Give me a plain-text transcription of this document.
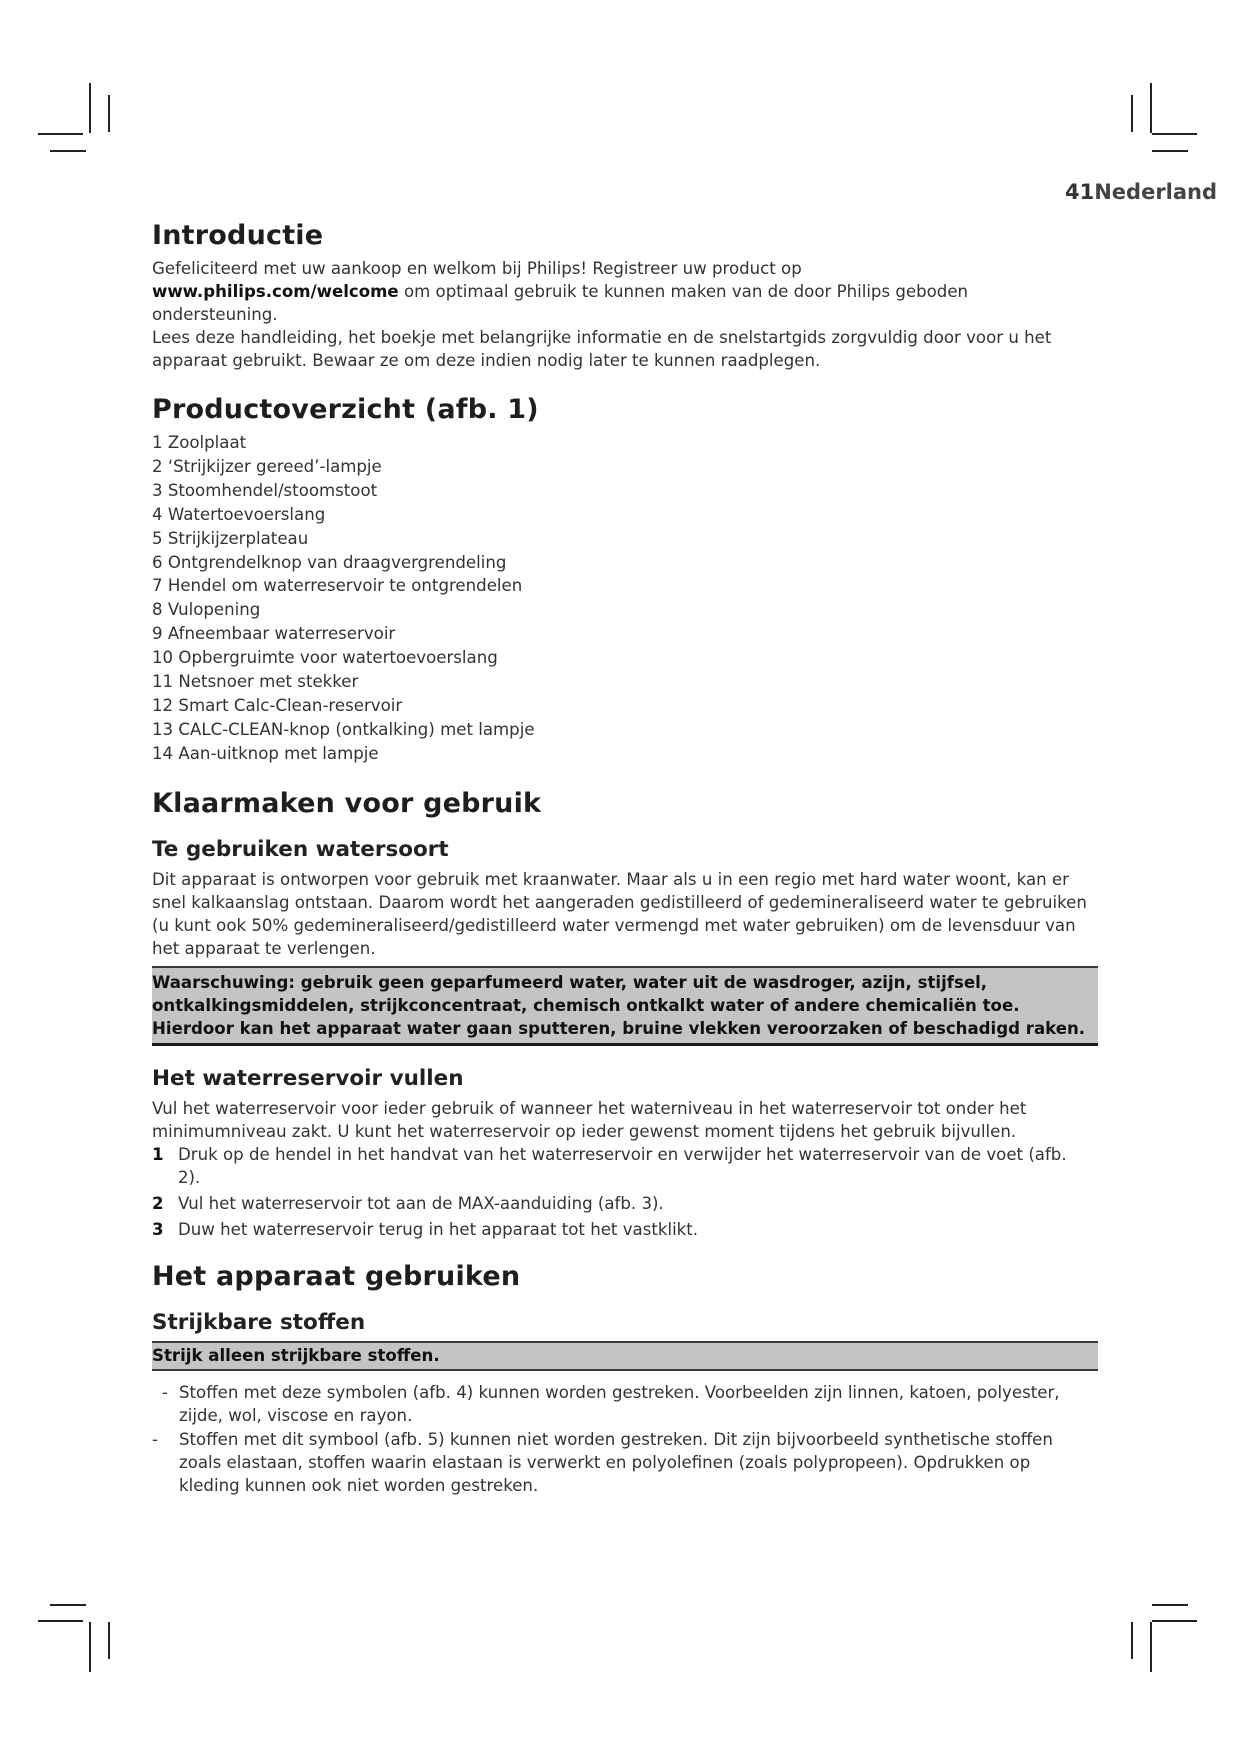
41Nederland
Introductie

Gefeliciteerd met uw aankoop en welkom bij Philips! Registreer uw product op
www.philips.com/welcome om optimaal gebruik te kunnen maken van de door Philips geboden ondersteuning.

Lees deze handleiding, het boekje met belangrijke informatie en de snelstartgids zorgvuldig door voor u het apparaat gebruikt. Bewaar ze om deze indien nodig later te kunnen raadplegen.

Productoverzicht (afb. 1)
1 Zoolplaat
2 ‘Strijkijzer gereed’-lampje
3 Stoomhendel/stoomstoot
4 Watertoevoerslang
5 Strijkijzerplateau
6 Ontgrendelknop van draagvergrendeling
7 Hendel om waterreservoir te ontgrendelen
8 Vulopening
9 Afneembaar waterreservoir
10 Opbergruimte voor watertoevoerslang
11 Netsnoer met stekker
12 Smart Calc-Clean-reservoir
13 CALC-CLEAN-knop (ontkalking) met lampje
14 Aan-uitknop met lampje
Klaarmaken voor gebruik
Te gebruiken watersoort

Dit apparaat is ontworpen voor gebruik met kraanwater. Maar als u in een regio met hard water woont, kan er snel kalkaanslag ontstaan. Daarom wordt het aangeraden gedistilleerd of gedemineraliseerd water te gebruiken (u kunt ook 50% gedemineraliseerd/gedistilleerd water vermengd met water gebruiken) om de levensduur van het apparaat te verlengen.

Waarschuwing: gebruik geen geparfumeerd water, water uit de wasdroger, azijn, stijfsel, ontkalkingsmiddelen, strijkconcentraat, chemisch ontkalkt water of andere chemicaliën toe. Hierdoor kan het apparaat water gaan sputteren, bruine vlekken veroorzaken of beschadigd raken.
Het waterreservoir vullen

Vul het waterreservoir voor ieder gebruik of wanneer het waterniveau in het waterreservoir tot onder het minimumniveau zakt. U kunt het waterreservoir op ieder gewenst moment tijdens het gebruik bijvullen.

1 Druk op de hendel in het handvat van het waterreservoir en verwijder het waterreservoir van de voet (afb. 2).
2 Vul het waterreservoir tot aan de MAX-aanduiding (afb. 3).
3 Duw het waterreservoir terug in het apparaat tot het vastklikt.
Het apparaat gebruiken
Strijkbare stoffen
Strijk alleen strijkbare stoffen.
- Stoffen met deze symbolen (afb. 4) kunnen worden gestreken. Voorbeelden zijn linnen, katoen, polyester, zijde, wol, viscose en rayon.
- Stoffen met dit symbool (afb. 5) kunnen niet worden gestreken. Dit zijn bijvoorbeeld synthetische stoffen zoals elastaan, stoffen waarin elastaan is verwerkt en polyolefinen (zoals polypropeen). Opdrukken op kleding kunnen ook niet worden gestreken.
